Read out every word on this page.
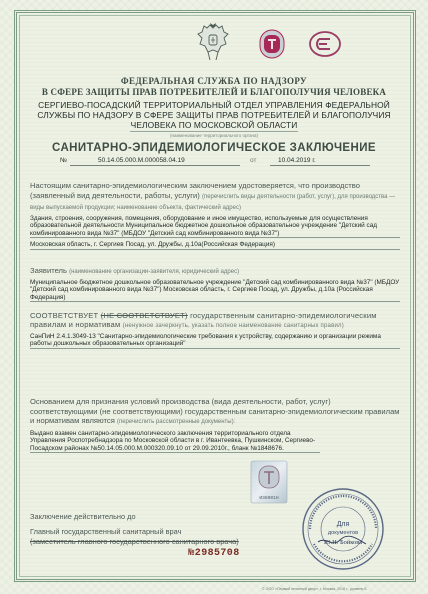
ФЕДЕРАЛЬНАЯ СЛУЖБА ПО НАДЗОРУ
В СФЕРЕ ЗАЩИТЫ ПРАВ ПОТРЕБИТЕЛЕЙ И БЛАГОПОЛУЧИЯ ЧЕЛОВЕКА
СЕРГИЕВО-ПОСАДСКИЙ ТЕРРИТОРИАЛЬНЫЙ ОТДЕЛ УПРАВЛЕНИЯ ФЕДЕРАЛЬНОЙ СЛУЖБЫ ПО НАДЗОРУ В СФЕРЕ ЗАЩИТЫ ПРАВ ПОТРЕБИТЕЛЕЙ И БЛАГОПОЛУЧИЯ ЧЕЛОВЕКА ПО МОСКОВСКОЙ ОБЛАСТИ
(наименование территориального органа)
САНИТАРНО-ЭПИДЕМИОЛОГИЧЕСКОЕ ЗАКЛЮЧЕНИЕ
№	50.14.05.000.М.000058.04.19	от	10.04.2019 г.
Настоящим санитарно-эпидемиологическим заключением удостоверяется, что производство (заявленный вид деятельности, работы, услуги) (перечислить виды деятельности (работ, услуг), для производства — виды выпускаемой продукции; наименование объекта, фактический адрес)
Здания, строения, сооружения, помещения, оборудование и иное имущество, используемые для осуществления образовательной деятельности Муниципальное бюджетное дошкольное образовательное учреждение "Детский сад комбинированного вида №37" (МБДОУ "Детский сад комбинированного вида №37")
Московская область, г. Сергиев Посад, ул. Дружбы, д.10а(Российская Федерация)
Заявитель (наименование организации-заявителя, юридический адрес)
Муниципальное бюджетное дошкольное образовательное учреждение "Детский сад комбинированного вида №37" (МБДОУ "Детский сад комбинированного вида №37") Московская область, г. Сергиев Посад, ул. Дружбы, д.10а (Российская Федерация)
СООТВЕТСТВУЕТ (НЕ СООТВЕТСТВУЕТ) государственным санитарно-эпидемиологическим правилам и нормативам (ненужное зачеркнуть, указать полное наименование санитарных правил)
СанПиН 2.4.1.3049-13 "Санитарно-эпидемиологические требования к устройству, содержанию и организации режима работы дошкольных образовательных организаций"
Основанием для признания условий производства (вида деятельности, работ, услуг) соответствующими (не соответствующими) государственным санитарно-эпидемиологическим правилам и нормативам являются (перечислить рассмотренные документы):
Выдано взамен санитарно-эпидемиологического заключения территориального отдела Управления Роспотребнадзора по Московской области в г. Ивантеевка, Пушкинском, Сергиево-Посадском районах №50.14.05.000.М.000320.09.10 от 29.09.2010г., бланк №1848676.
И38001Н
Заключение действительно до
Главный государственный санитарный врач
(заместитель главного государственного санитарного врача)
Для
документов
Ю.Н. Бойкова
№2985708
© ООО «Первый печатный двор», г. Москва, 2018 г., уровень Б
